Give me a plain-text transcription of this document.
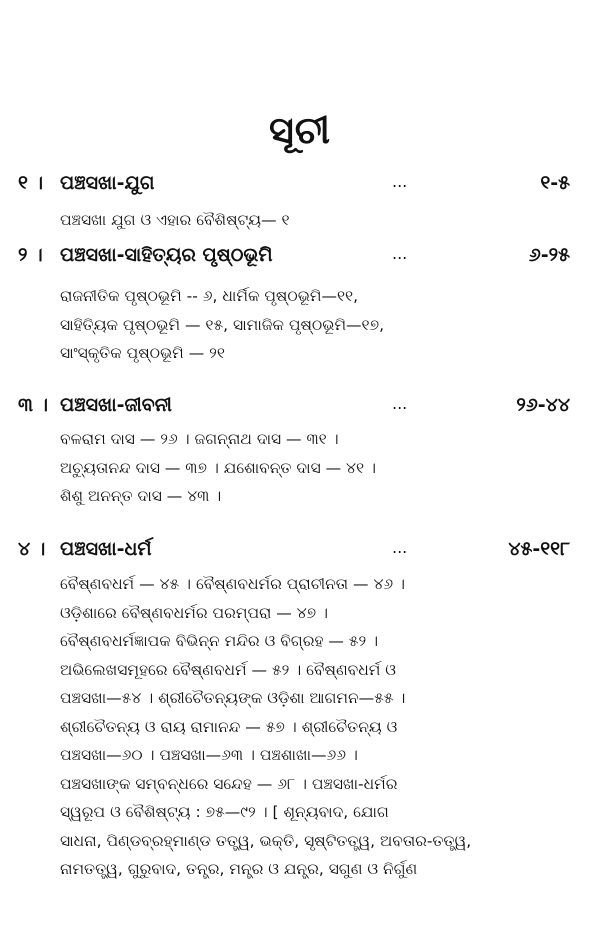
ସୂଚୀ
୧ । ପଞ୍ଚସଖା-ଯୁଗ	...	୧-୫
ପଞ୍ଚସଖା ଯୁଗ ଓ ଏହାର ବୈଶିଷ୍ଟ୍ୟ— ୧
୨ । ପଞ୍ଚସଖା-ସାହିତ୍ୟର ପୃଷ୍ଠଭୂମି	...	୬-୨୫
ରାଜନୀତିକ ପୃଷ୍ଠଭୂମି -- ୬, ଧାର୍ମିକ ପୃଷ୍ଠଭୂମି—୧୧,
ସାହିତ୍ୟିକ ପୃଷ୍ଠଭୂମି — ୧୫, ସାମାଜିକ ପୃଷ୍ଠଭୂମି—୧୭,
ସାଂସ୍କୃତିକ ପୃଷ୍ଠଭୂମି — ୨୧
୩ । ପଞ୍ଚସଖା-ଜୀବନୀ	...	୨୬-୪୪
ବଳରାମ ଦାସ — ୨୬ । ଜଗନ୍ନାଥ ଦାସ — ୩୧ ।
ଅଚ୍ୟୁତାନନ୍ଦ ଦାସ — ୩୭ । ଯଶୋବନ୍ତ ଦାସ — ୪୧ ।
ଶିଶୁ ଅନନ୍ତ ଦାସ — ୪୩ ।
୪ । ପଞ୍ଚସଖା-ଧର୍ମ	...	୪୫-୧୧୮
ବୈଷ୍ଣବଧର୍ମ — ୪୫ । ବୈଷ୍ଣବଧର୍ମର ପ୍ରାଚୀନତା — ୪୬ ।
ଓଡ଼ିଶାରେ ବୈଷ୍ଣବଧର୍ମର ପରମ୍ପରା — ୪୭ ।
ବୈଷ୍ଣବଧର୍ମଜ୍ଞାପକ ବିଭିନ୍ନ ମନ୍ଦିର ଓ ବିଗ୍ରହ — ୫୨ ।
ଅଭିଲେଖସମୂହରେ ବୈଷ୍ଣବଧର୍ମ — ୫୨ । ବୈଷ୍ଣବଧର୍ମ ଓ
ପଞ୍ଚସଖା—୫୪ । ଶ୍ରୀଚୈତନ୍ୟଙ୍କ ଓଡ଼ିଶା ଆଗମନ—୫୫ ।
ଶ୍ରୀଚୈତନ୍ୟ ଓ ରାୟ ରାମାନନ୍ଦ — ୫୭ । ଶ୍ରୀଚୈତନ୍ୟ ଓ
ପଞ୍ଚସଖା—୬୦ । ପଞ୍ଚସଖା—୬୩ । ପଞ୍ଚଶାଖା—୬୬ ।
ପଞ୍ଚସଖାଙ୍କ ସମ୍ବନ୍ଧରେ ସନ୍ଦେହ — ୬୮ । ପଞ୍ଚସଖା-ଧର୍ମର
ସ୍ୱରୂପ ଓ ବୈଶିଷ୍ଟ୍ୟ : ୭୫—୯୨ । [ ଶୂନ୍ୟବାଦ, ଯୋଗ
ସାଧନା, ପିଣ୍ଡବ୍ରହ୍ମାଣ୍ଡ ତତ୍ତ୍ୱ, ଭକ୍ତି, ସୃଷ୍ଟିତତ୍ତ୍ୱ, ଅବତାର-ତତ୍ତ୍ୱ,
ନାମତତ୍ତ୍ୱ, ଗୁରୁବାଦ, ତନ୍ତ୍ର, ମନ୍ତ୍ର ଓ ଯନ୍ତ୍ର, ସଗୁଣ ଓ ନିର୍ଗୁଣ
